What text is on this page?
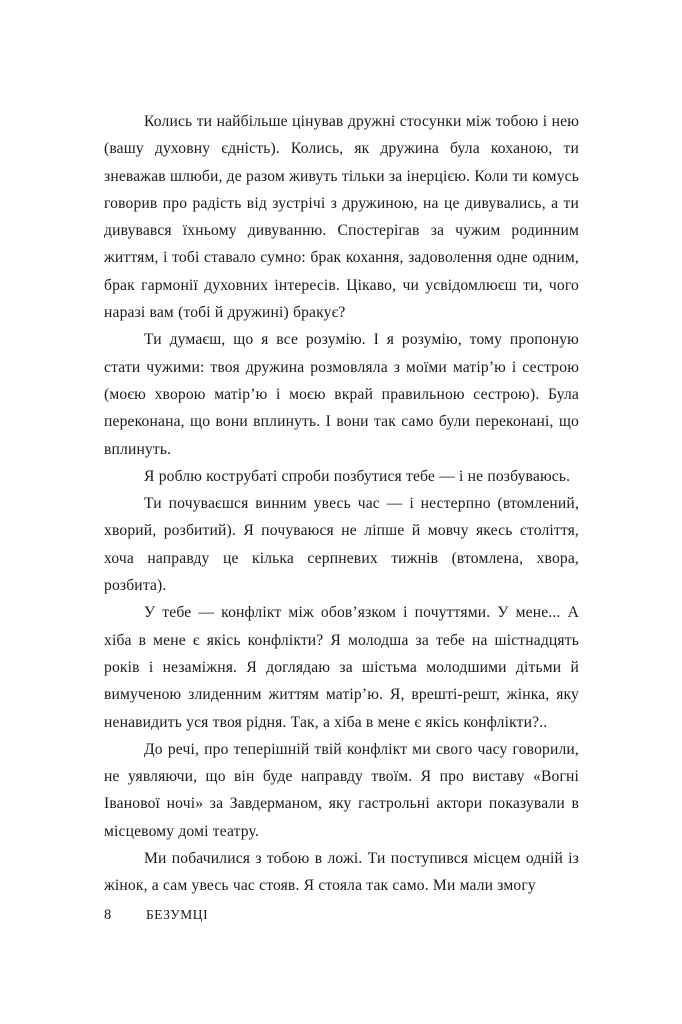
Колись ти найбільше цінував дружні стосунки між тобою і нею (вашу духовну єдність). Колись, як дружина була коханою, ти зневажав шлюби, де разом живуть тільки за інерцією. Коли ти комусь говорив про радість від зустрічі з дружиною, на це дивувались, а ти дивувався їхньому дивуванню. Спостерігав за чужим родинним життям, і тобі ставало сумно: брак кохання, задоволення одне одним, брак гармонії духовних інтересів. Цікаво, чи усвідомлюєш ти, чого наразі вам (тобі й дружині) бракує?

Ти думаєш, що я все розумію. І я розумію, тому пропоную стати чужими: твоя дружина розмовляла з моїми матір’ю і сестрою (моєю хворою матір’ю і моєю вкрай правильною сестрою). Була переконана, що вони вплинуть. І вони так само були переконані, що вплинуть.

Я роблю кострубаті спроби позбутися тебе — і не позбуваюсь.

Ти почуваєшся винним увесь час — і нестерпно (втомлений, хворий, розбитий). Я почуваюся не ліпше й мовчу якесь століття, хоча направду це кілька серпневих тижнів (втомлена, хвора, розбита).

У тебе — конфлікт між обов’язком і почуттями. У мене... А хіба в мене є якісь конфлікти? Я молодша за тебе на шістнадцять років і незаміжня. Я доглядаю за шістьма молодшими дітьми й вимученою злиденним життям матір’ю. Я, врешті-решт, жінка, яку ненавидить уся твоя рідня. Так, а хіба в мене є якісь конфлікти?..

До речі, про теперішній твій конфлікт ми свого часу говорили, не уявляючи, що він буде направду твоїм. Я про виставу «Вогні Іванової ночі» за Завдерманом, яку гастрольні актори показували в місцевому домі театру.

Ми побачилися з тобою в ложі. Ти поступився місцем одній із жінок, а сам увесь час стояв. Я стояла так само. Ми мали змогу

8	БЕЗУМЦІ
